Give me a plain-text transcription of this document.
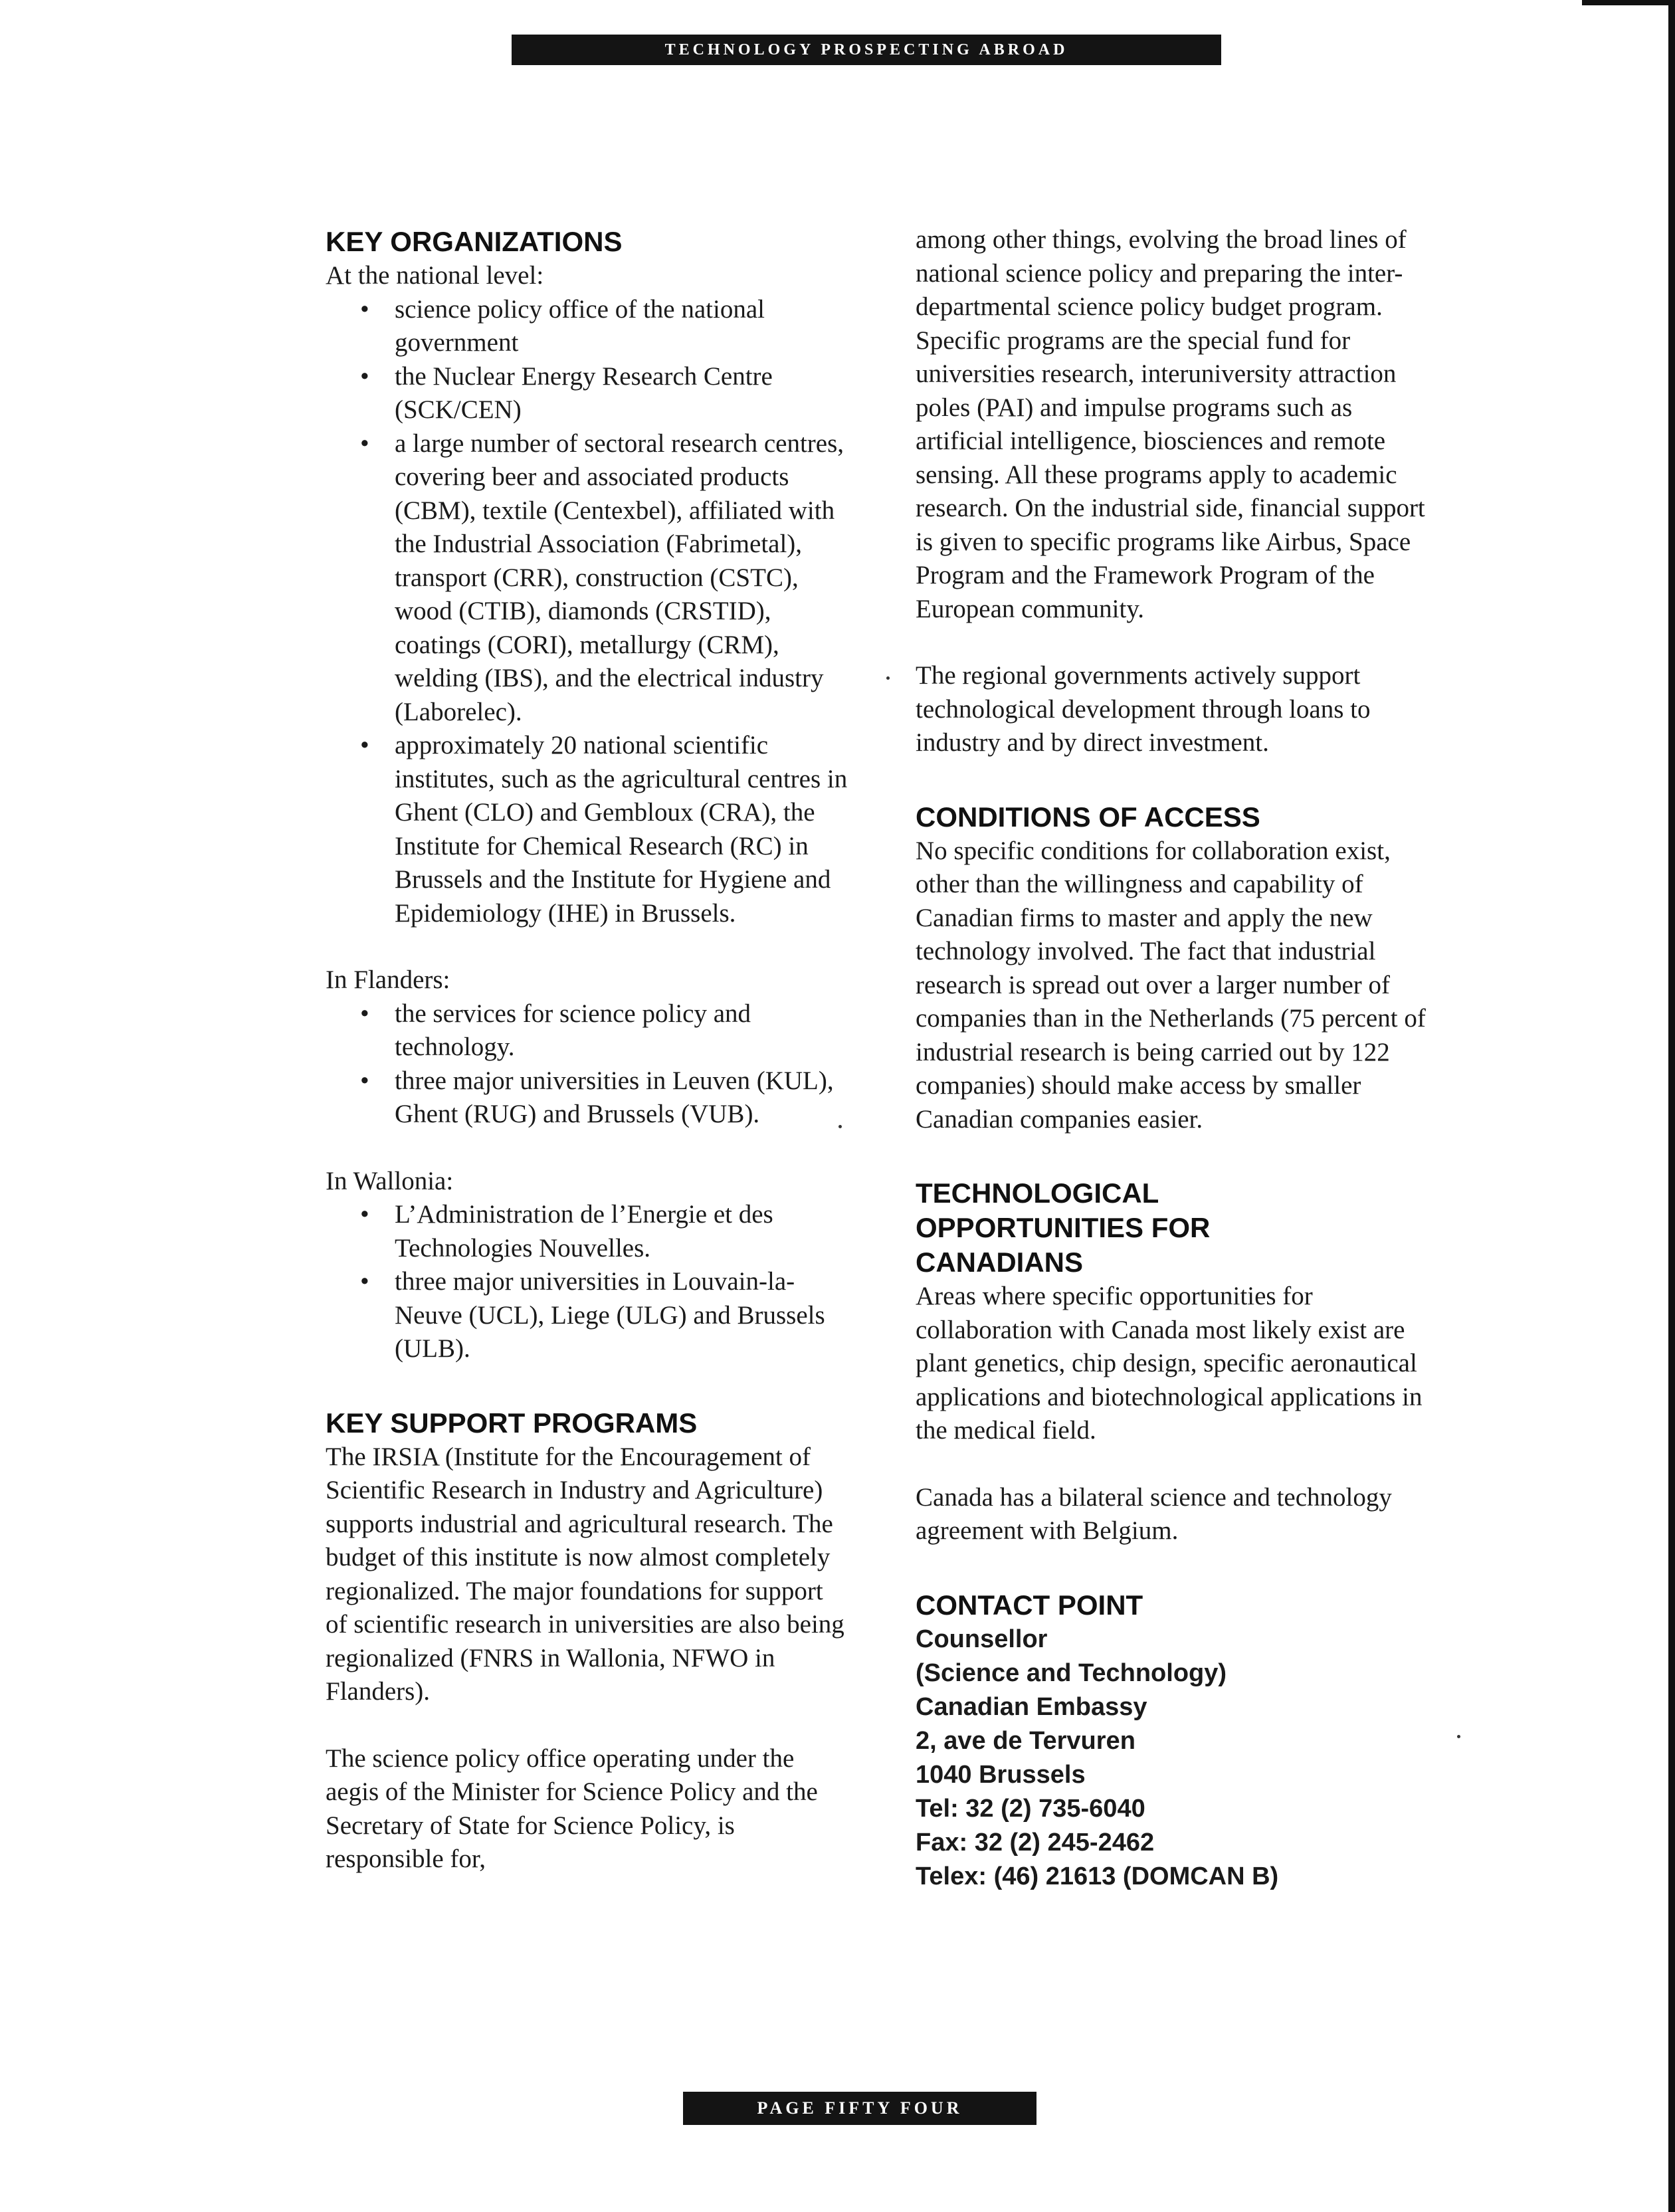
TECHNOLOGY PROSPECTING ABROAD
KEY ORGANIZATIONS

At the national level:

• science policy office of the national government
• the Nuclear Energy Research Centre (SCK/CEN)
• a large number of sectoral research centres, covering beer and associated products (CBM), textile (Centexbel), affiliated with the Industrial Association (Fabrimetal), transport (CRR), construction (CSTC), wood (CTIB), diamonds (CRSTID), coatings (CORI), metallurgy (CRM), welding (IBS), and the electrical industry (Laborelec).
• approximately 20 national scientific institutes, such as the agricultural centres in Ghent (CLO) and Gembloux (CRA), the Institute for Chemical Research (RC) in Brussels and the Institute for Hygiene and Epidemiology (IHE) in Brussels.

In Flanders:

• the services for science policy and technology.
• three major universities in Leuven (KUL), Ghent (RUG) and Brussels (VUB).

In Wallonia:

• L’Administration de l’Energie et des Technologies Nouvelles.
• three major universities in Louvain-la-Neuve (UCL), Liege (ULG) and Brussels (ULB).
KEY SUPPORT PROGRAMS

The IRSIA (Institute for the Encouragement of Scientific Research in Industry and Agriculture) supports industrial and agricultural research. The budget of this institute is now almost completely regionalized. The major foundations for support of scientific research in universities are also being regionalized (FNRS in Wallonia, NFWO in Flanders).

The science policy office operating under the aegis of the Minister for Science Policy and the Secretary of State for Science Policy, is responsible for,

among other things, evolving the broad lines of national science policy and preparing the inter-departmental science policy budget program. Specific programs are the special fund for universities research, interuniversity attraction poles (PAI) and impulse programs such as artificial intelligence, biosciences and remote sensing. All these programs apply to academic research. On the industrial side, financial support is given to specific programs like Airbus, Space Program and the Framework Program of the European community.

The regional governments actively support technological development through loans to industry and by direct investment.

CONDITIONS OF ACCESS

No specific conditions for collaboration exist, other than the willingness and capability of Canadian firms to master and apply the new technology involved. The fact that industrial research is spread out over a larger number of companies than in the Netherlands (75 percent of industrial research is being carried out by 122 companies) should make access by smaller Canadian companies easier.

TECHNOLOGICAL
OPPORTUNITIES FOR
CANADIANS

Areas where specific opportunities for collaboration with Canada most likely exist are plant genetics, chip design, specific aeronautical applications and biotechnological applications in the medical field.

Canada has a bilateral science and technology agreement with Belgium.

CONTACT POINT

Counsellor

(Science and Technology)

Canadian Embassy

2, ave de Tervuren

1040 Brussels

Tel: 32 (2) 735-6040

Fax: 32 (2) 245-2462

Telex: (46) 21613 (DOMCAN B)

PAGE FIFTY FOUR
